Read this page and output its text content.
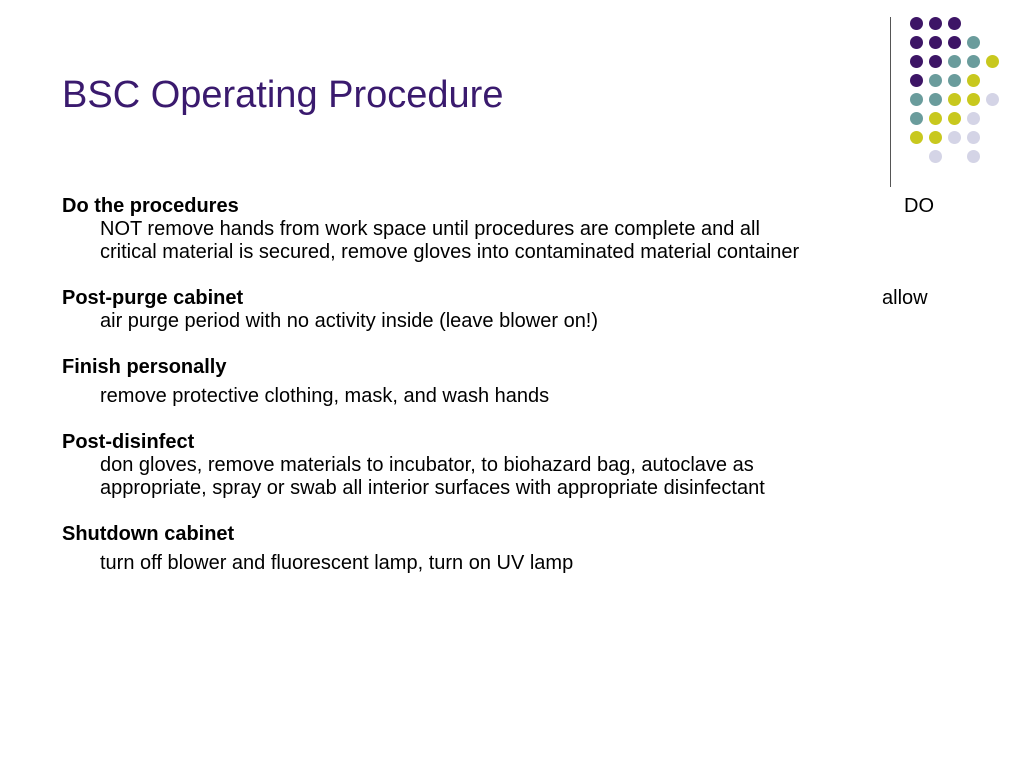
BSC Operating Procedure
Do the procedures	DO
NOT remove hands from work space until procedures are complete and all
critical material is secured, remove gloves into contaminated material container
Post-purge cabinet	allow
air purge period with no activity inside (leave blower on!)
Finish personally
remove protective clothing, mask, and wash hands
Post-disinfect
don gloves, remove materials to incubator, to biohazard bag, autoclave as
appropriate, spray or swab all interior surfaces with appropriate disinfectant
Shutdown cabinet
turn off blower and fluorescent lamp, turn on UV lamp
